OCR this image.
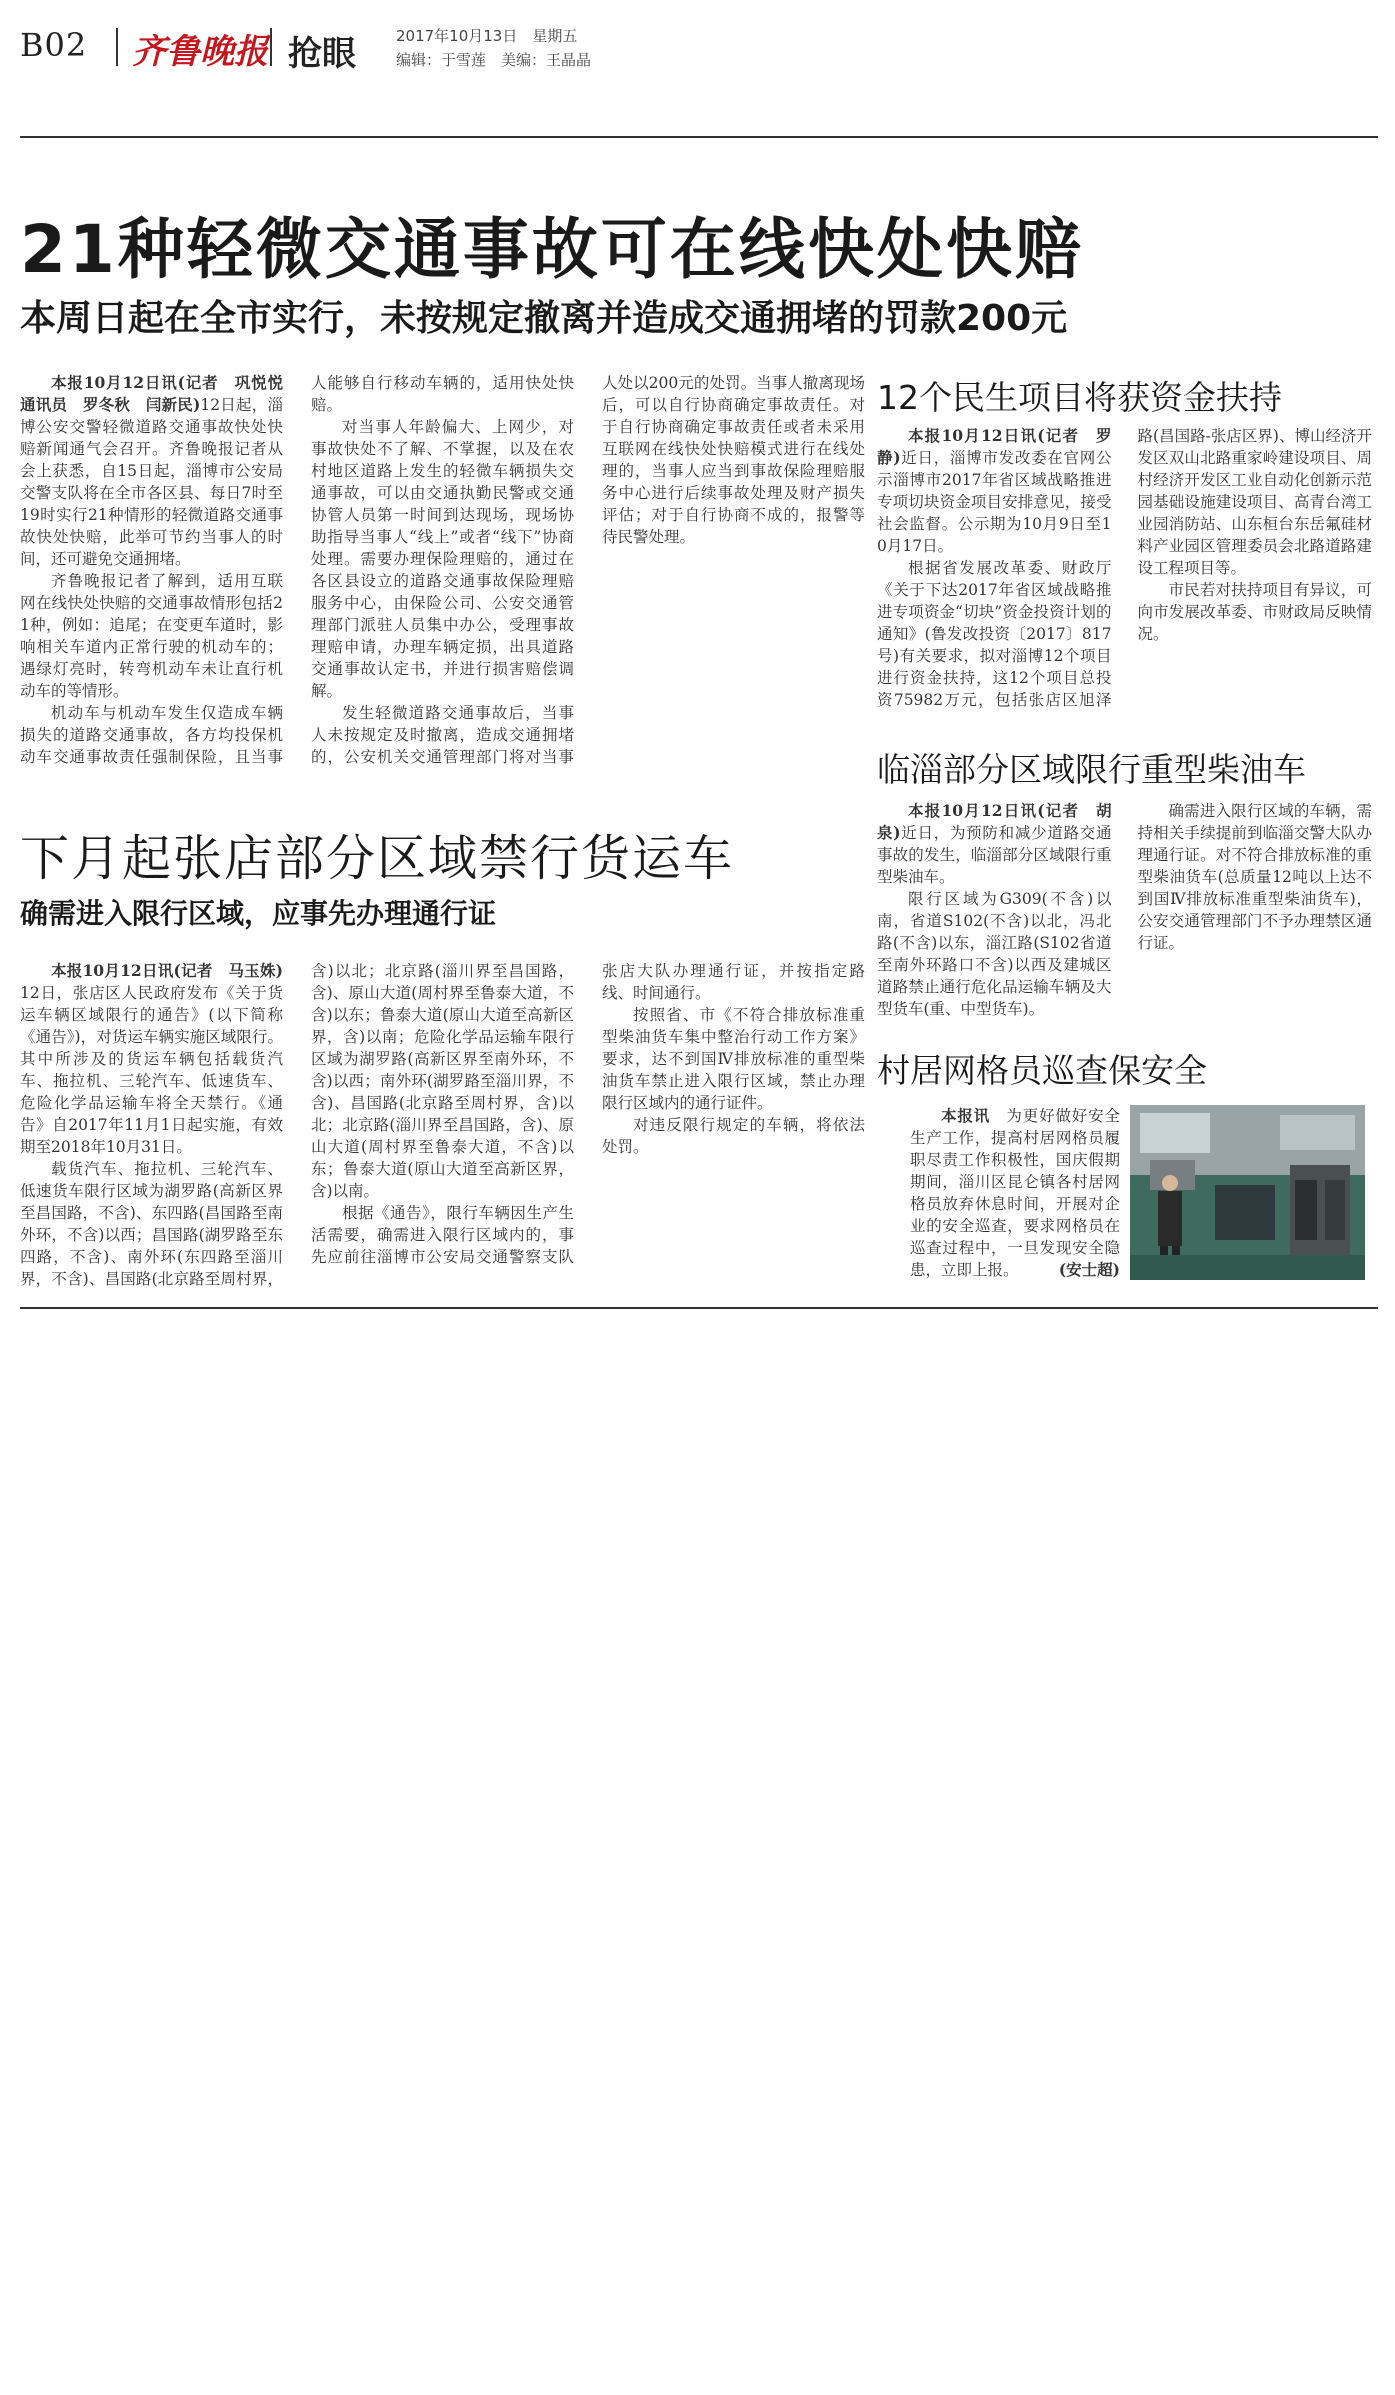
B02 齐鲁晚报 抢眼	2017年10月13日　星期五
编辑：于雪莲　美编：王晶晶
21种轻微交通事故可在线快处快赔
本周日起在全市实行，未按规定撤离并造成交通拥堵的罚款200元

本报10月12日讯(记者　巩悦悦　通讯员　罗冬秋　闫新民)12日起，淄博公安交警轻微道路交通事故快处快赔新闻通气会召开。齐鲁晚报记者从会上获悉，自15日起，淄博市公安局交警支队将在全市各区县、每日7时至19时实行21种情形的轻微道路交通事故快处快赔，此举可节约当事人的时间，还可避免交通拥堵。

齐鲁晚报记者了解到，适用互联网在线快处快赔的交通事故情形包括21种，例如：追尾；在变更车道时，影响相关车道内正常行驶的机动车的；遇绿灯亮时，转弯机动车未让直行机动车的等情形。

机动车与机动车发生仅造成车辆损失的道路交通事故，各方均投保机动车交通事故责任强制保险，且当事人能够自行移动车辆的，适用快处快赔。

对当事人年龄偏大、上网少，对事故快处不了解、不掌握，以及在农村地区道路上发生的轻微车辆损失交通事故，可以由交通执勤民警或交通协管人员第一时间到达现场，现场协助指导当事人“线上”或者“线下”协商处理。需要办理保险理赔的，通过在各区县设立的道路交通事故保险理赔服务中心，由保险公司、公安交通管理部门派驻人员集中办公，受理事故理赔申请，办理车辆定损，出具道路交通事故认定书，并进行损害赔偿调解。

发生轻微道路交通事故后，当事人未按规定及时撤离，造成交通拥堵的，公安机关交通管理部门将对当事人处以200元的处罚。当事人撤离现场后，可以自行协商确定事故责任。对于自行协商确定事故责任或者未采用互联网在线快处快赔模式进行在线处理的，当事人应当到事故保险理赔服务中心进行后续事故处理及财产损失评估；对于自行协商不成的，报警等待民警处理。

下月起张店部分区域禁行货运车
确需进入限行区域，应事先办理通行证

本报10月12日讯(记者　马玉姝)12日，张店区人民政府发布《关于货运车辆区域限行的通告》(以下简称《通告》)，对货运车辆实施区域限行。其中所涉及的货运车辆包括载货汽车、拖拉机、三轮汽车、低速货车、危险化学品运输车将全天禁行。《通告》自2017年11月1日起实施，有效期至2018年10月31日。

载货汽车、拖拉机、三轮汽车、低速货车限行区域为湖罗路(高新区界至昌国路，不含)、东四路(昌国路至南外环，不含)以西；昌国路(湖罗路至东四路，不含)、南外环(东四路至淄川界，不含)、昌国路(北京路至周村界，含)以北；北京路(淄川界至昌国路，含)、原山大道(周村界至鲁泰大道，不含)以东；鲁泰大道(原山大道至高新区界，含)以南；危险化学品运输车限行区域为湖罗路(高新区界至南外环，不含)以西；南外环(湖罗路至淄川界，不含)、昌国路(北京路至周村界，含)以北；北京路(淄川界至昌国路，含)、原山大道(周村界至鲁泰大道，不含)以东；鲁泰大道(原山大道至高新区界，含)以南。

根据《通告》，限行车辆因生产生活需要，确需进入限行区域内的，事先应前往淄博市公安局交通警察支队张店大队办理通行证，并按指定路线、时间通行。

按照省、市《不符合排放标准重型柴油货车集中整治行动工作方案》要求，达不到国Ⅳ排放标准的重型柴油货车禁止进入限行区域，禁止办理限行区域内的通行证件。

对违反限行规定的车辆，将依法处罚。

12个民生项目将获资金扶持

本报10月12日讯(记者　罗静)近日，淄博市发改委在官网公示淄博市2017年省区域战略推进专项切块资金项目安排意见，接受社会监督。公示期为10月9日至10月17日。

根据省发展改革委、财政厅《关于下达2017年省区域战略推进专项资金“切块”资金投资计划的通知》(鲁发改投资〔2017〕817号)有关要求，拟对淄博12个项目进行资金扶持，这12个项目总投资75982万元，包括张店区旭泽路(昌国路-张店区界)、博山经济开发区双山北路重家岭建设项目、周村经济开发区工业自动化创新示范园基础设施建设项目、高青台湾工业园消防站、山东桓台东岳氟硅材料产业园区管理委员会北路道路建设工程项目等。

市民若对扶持项目有异议，可向市发展改革委、市财政局反映情况。

临淄部分区域限行重型柴油车

本报10月12日讯(记者　胡泉)近日，为预防和减少道路交通事故的发生，临淄部分区域限行重型柴油车。

限行区域为G309(不含)以南，省道S102(不含)以北，冯北路(不含)以东，淄江路(S102省道至南外环路口不含)以西及建城区道路禁止通行危化品运输车辆及大型货车(重、中型货车)。

确需进入限行区域的车辆，需持相关手续提前到临淄交警大队办理通行证。对不符合排放标准的重型柴油货车(总质量12吨以上达不到国Ⅳ排放标准重型柴油货车)，公安交通管理部门不予办理禁区通行证。

村居网格员巡查保安全

本报讯　 为更好做好安全生产工作，提高村居网格员履职尽责工作积极性，国庆假期期间，淄川区昆仑镇各村居网格员放弃休息时间，开展对企业的安全巡查，要求网格员在巡查过程中，一旦发现安全隐患，立即上报。	(安士超)
